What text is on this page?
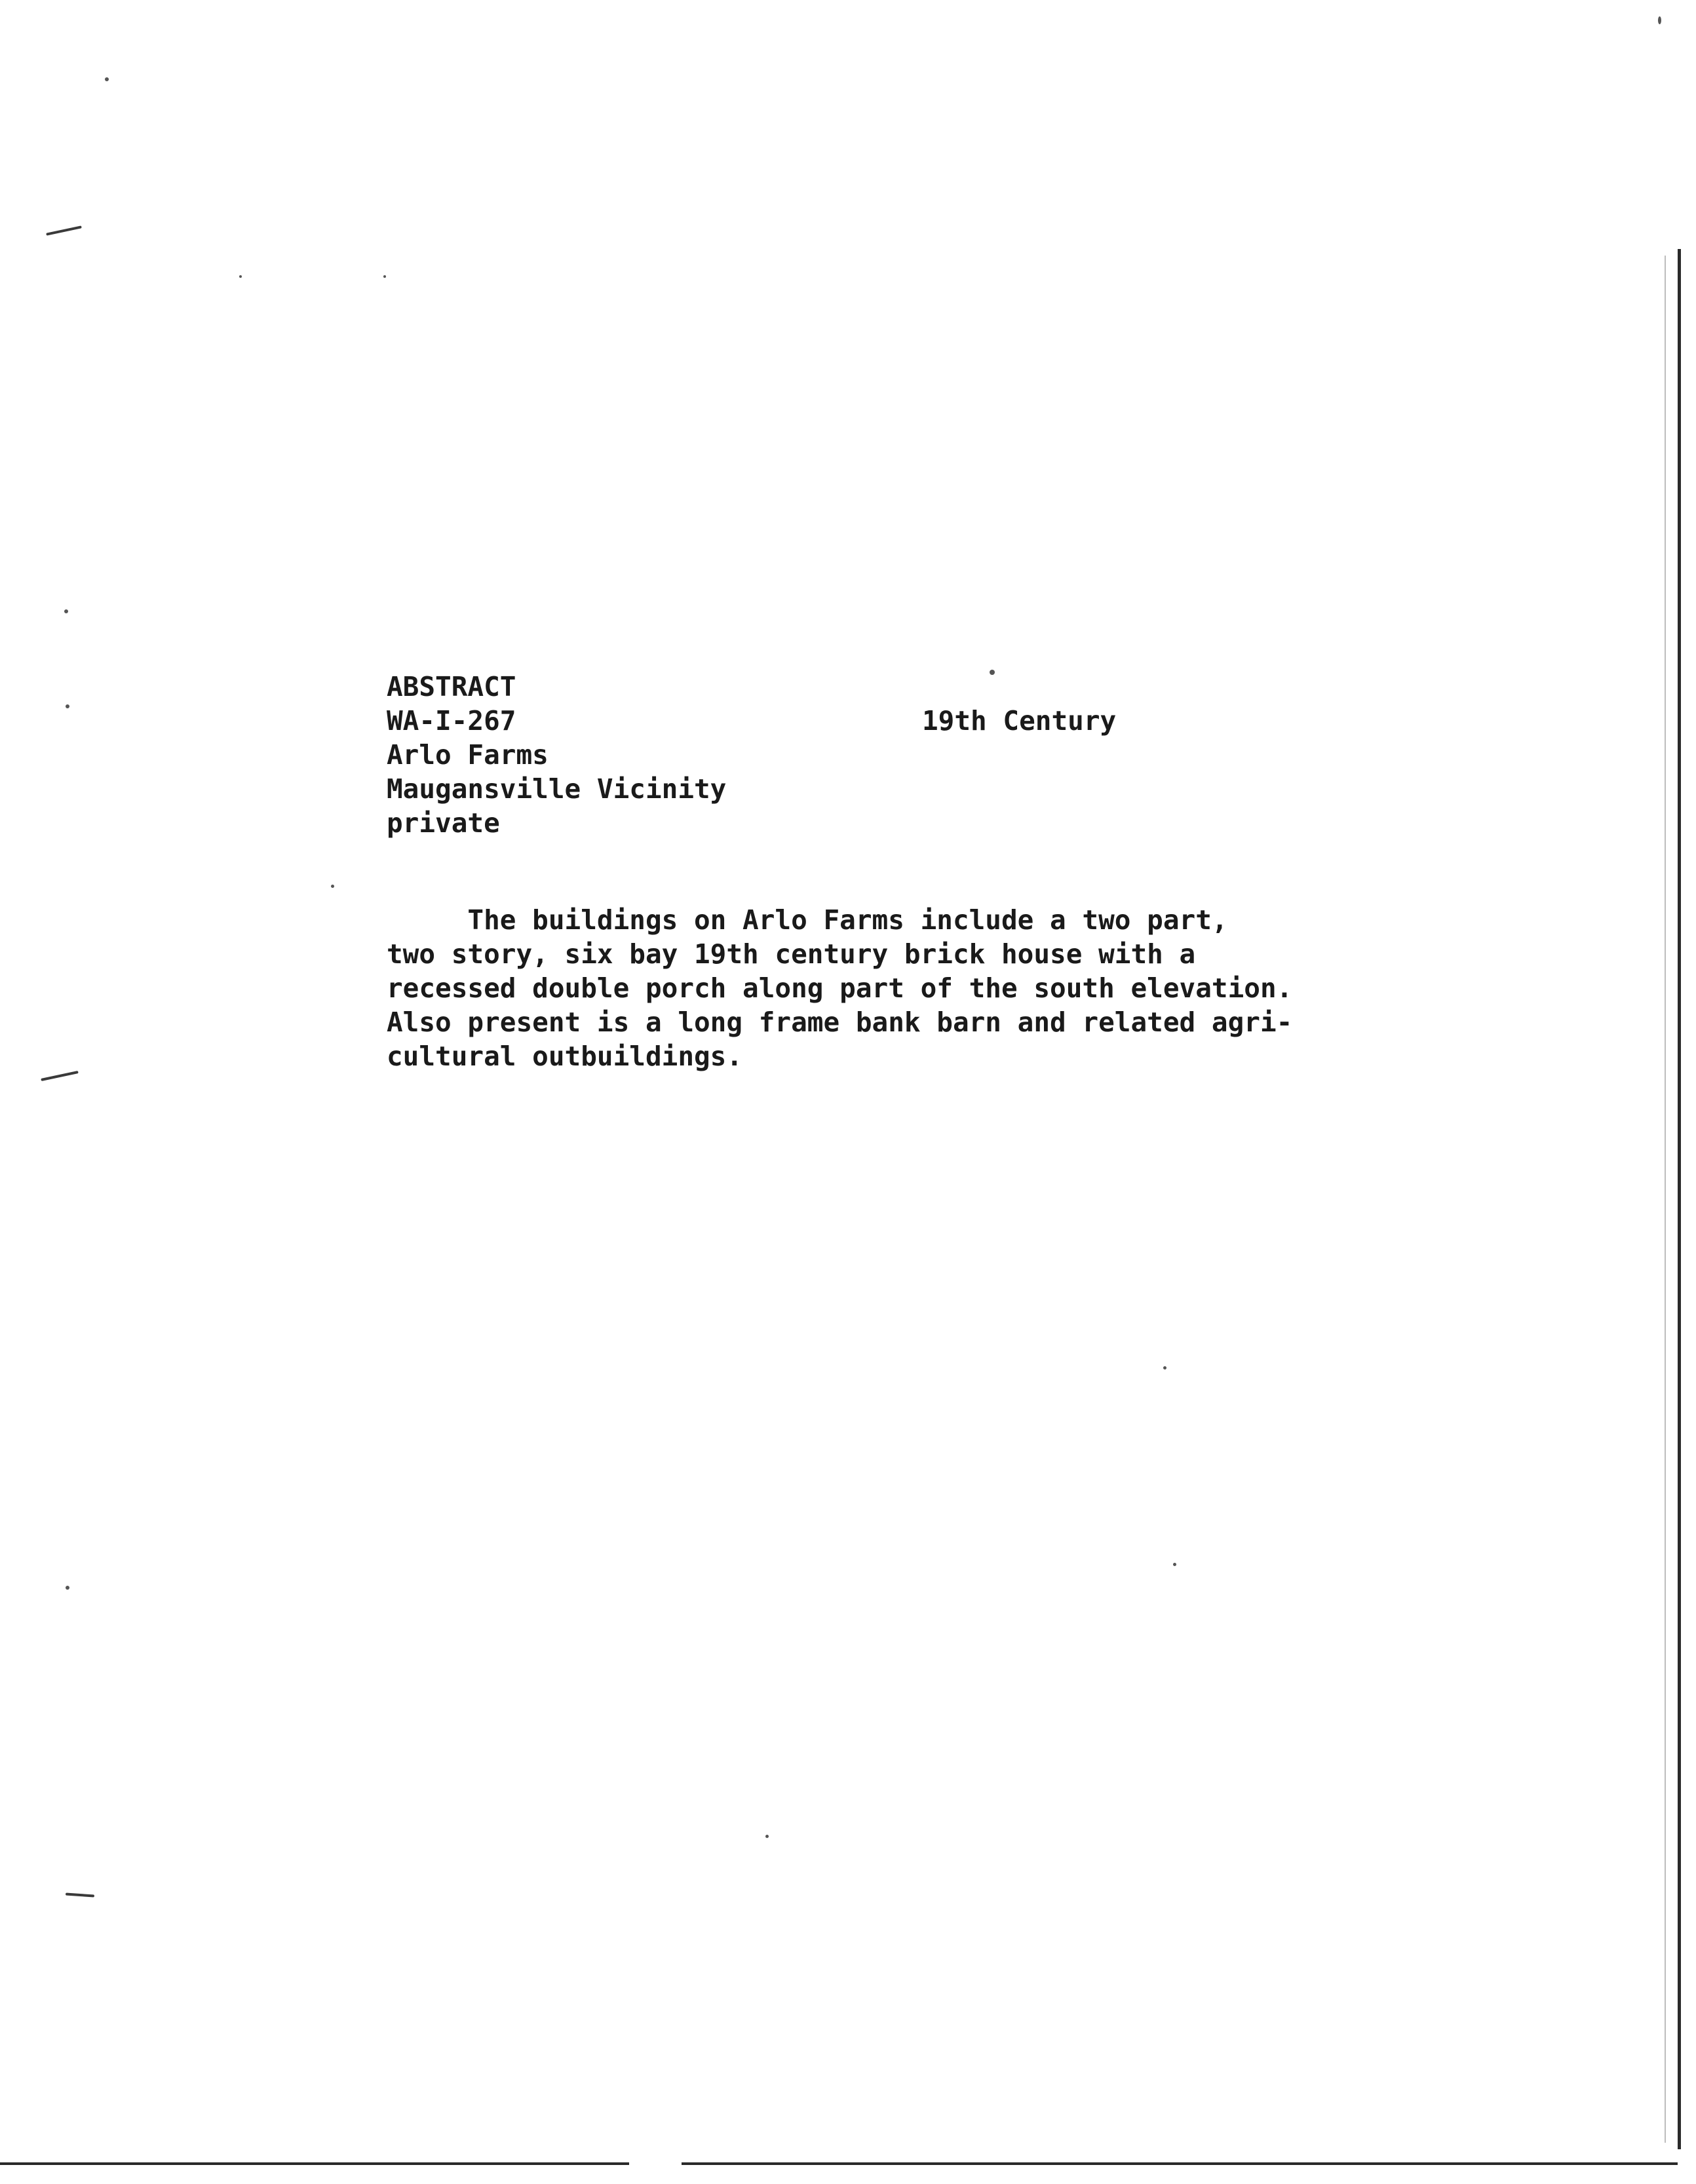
ABSTRACT
WA-I-267
Arlo Farms
Maugansville Vicinity
private
19th Century
The buildings on Arlo Farms include a two part,
two story, six bay 19th century brick house with a
recessed double porch along part of the south elevation.
Also present is a long frame bank barn and related agri-
cultural outbuildings.
